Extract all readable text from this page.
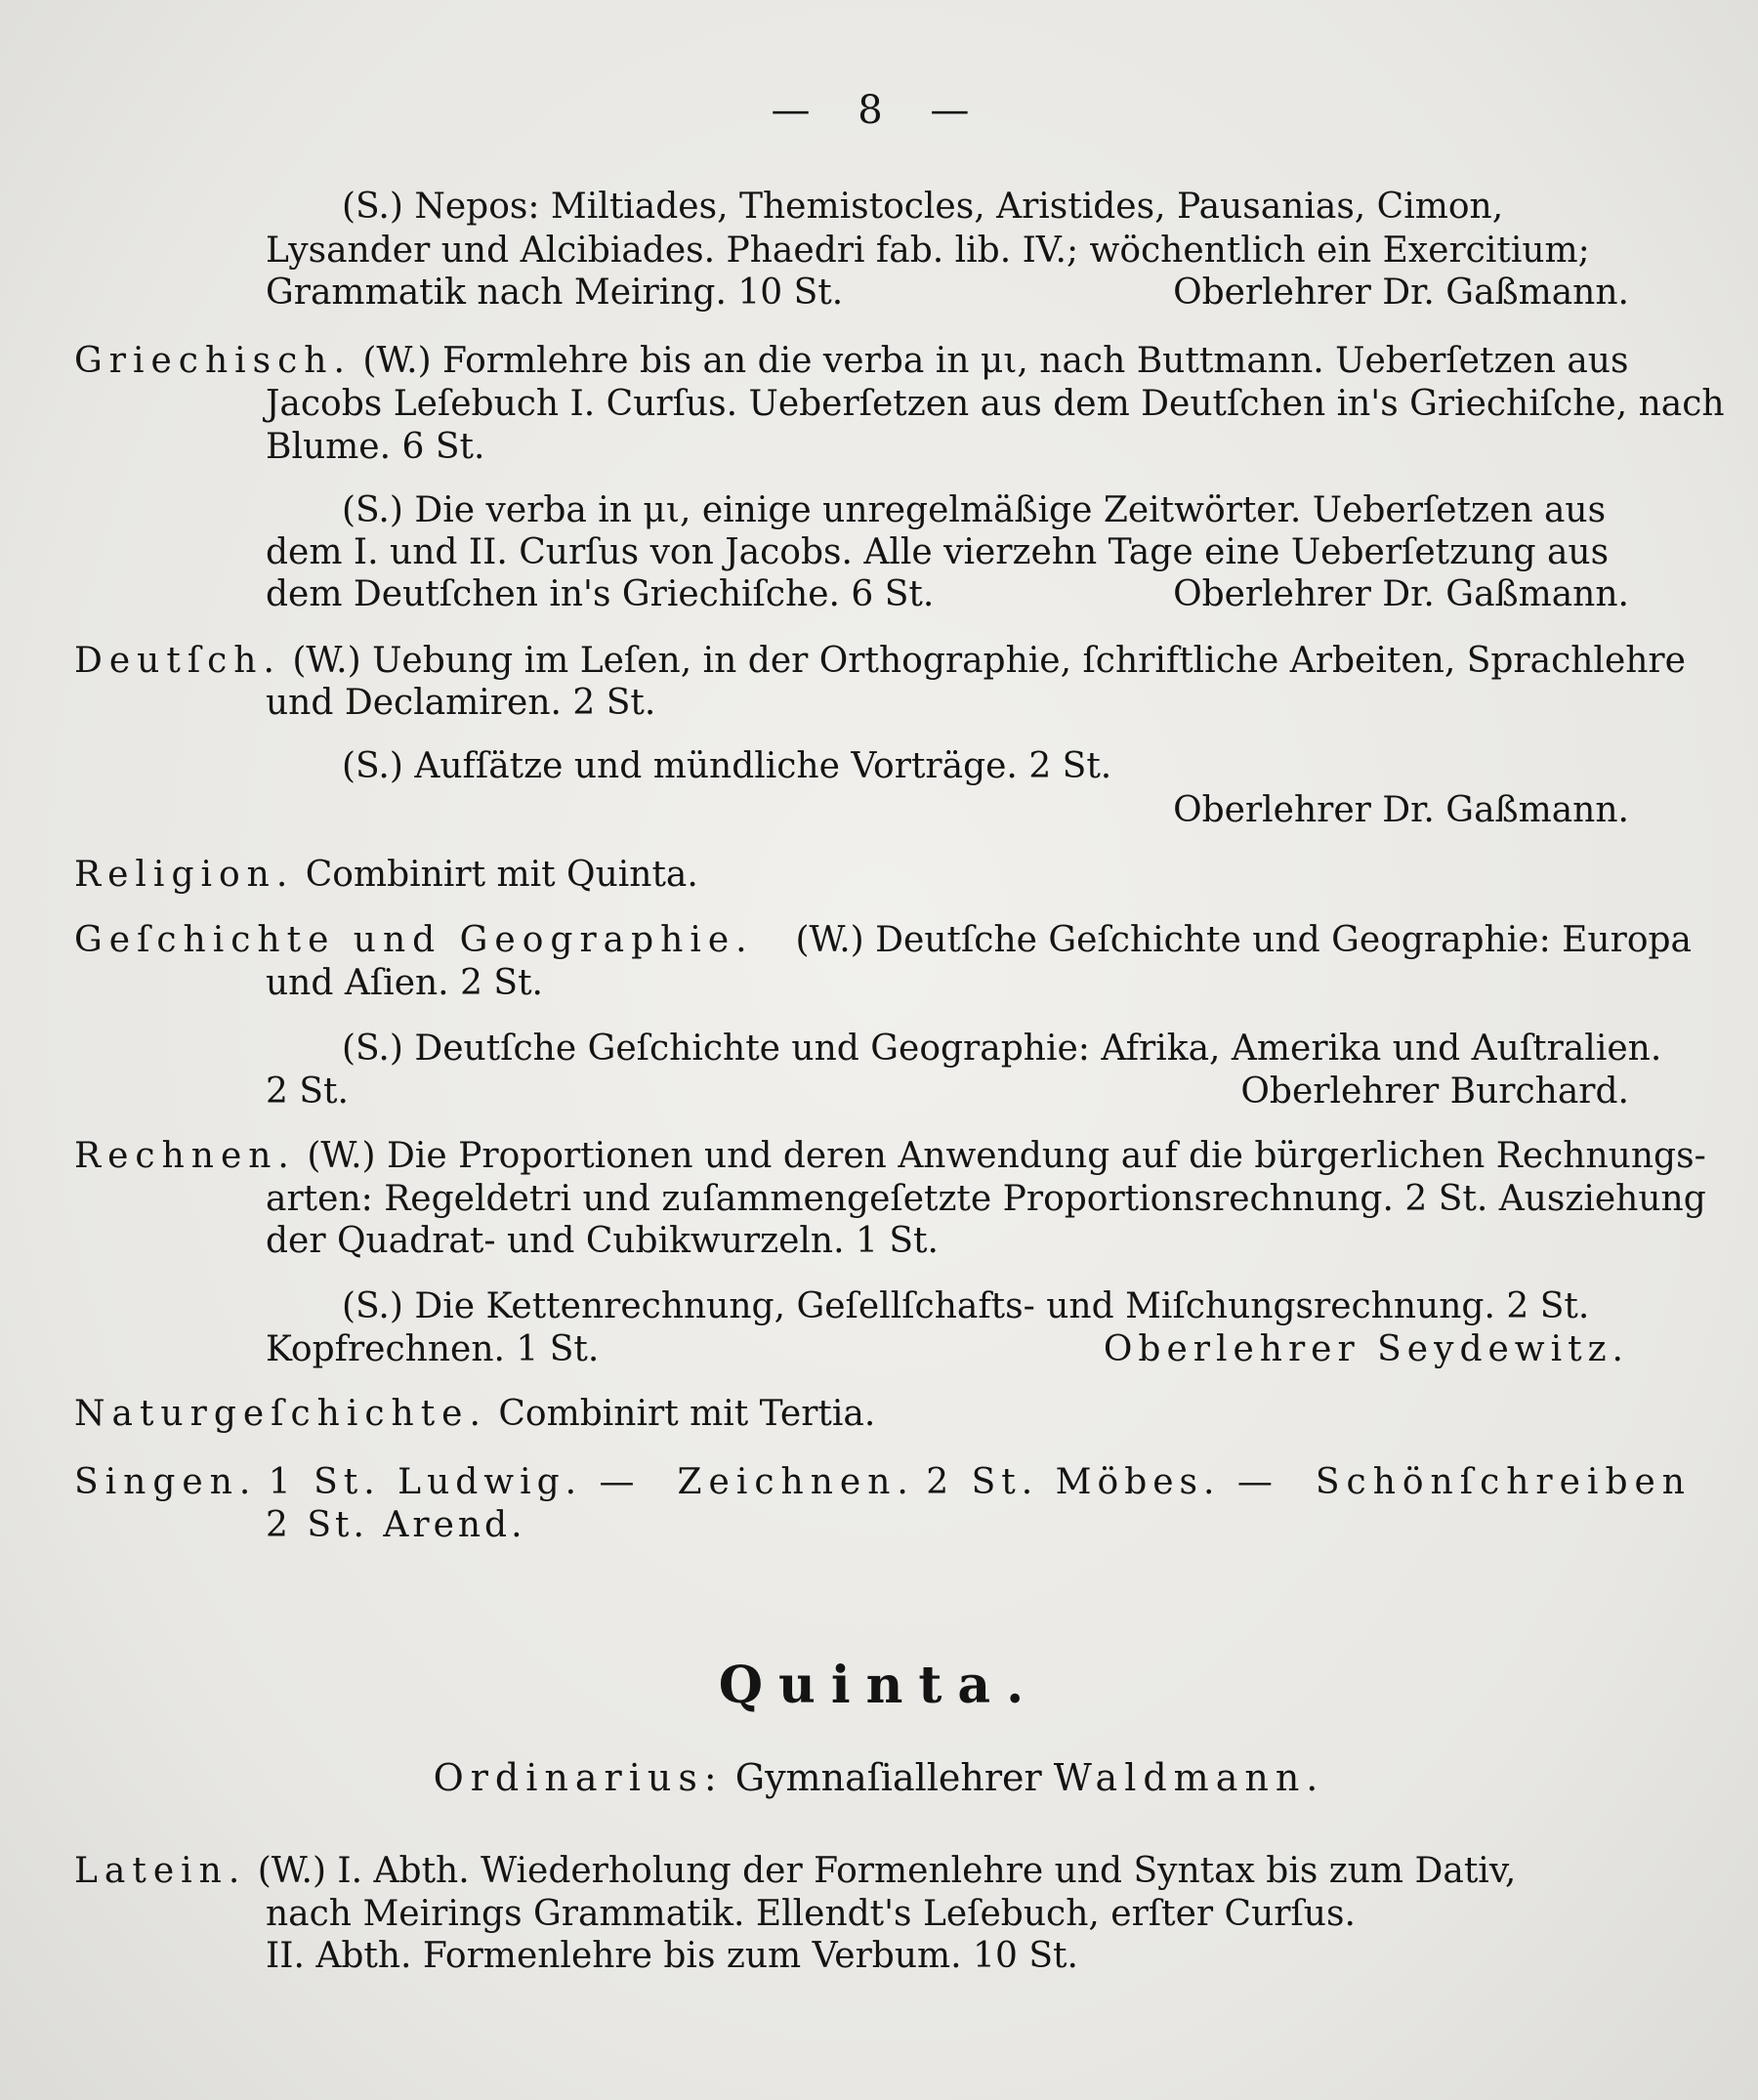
— 8 —
(S.) Nepos: Miltiades, Themistocles, Aristides, Pausanias, Cimon,
Lysander und Alcibiades. Phaedri fab. lib. IV.; wöchentlich ein Exercitium;
Grammatik nach Meiring. 10 St.	Oberlehrer Dr. Gaßmann.
Griechisch. (W.) Formlehre bis an die verba in μι, nach Buttmann. Ueberſetzen aus
Jacobs Leſebuch I. Curſus. Ueberſetzen aus dem Deutſchen in's Griechiſche, nach
Blume. 6 St.
(S.) Die verba in μι, einige unregelmäßige Zeitwörter. Ueberſetzen aus
dem I. und II. Curſus von Jacobs. Alle vierzehn Tage eine Ueberſetzung aus
dem Deutſchen in's Griechiſche. 6 St.	Oberlehrer Dr. Gaßmann.
Deutſch. (W.) Uebung im Leſen, in der Orthographie, ſchriftliche Arbeiten, Sprachlehre
und Declamiren. 2 St.
(S.) Aufſätze und mündliche Vorträge. 2 St.
Oberlehrer Dr. Gaßmann.
Religion. Combinirt mit Quinta.
Geſchichte und Geographie. (W.) Deutſche Geſchichte und Geographie: Europa
und Aſien. 2 St.
(S.) Deutſche Geſchichte und Geographie: Afrika, Amerika und Auſtralien.
2 St.	Oberlehrer Burchard.
Rechnen. (W.) Die Proportionen und deren Anwendung auf die bürgerlichen Rechnungs-
arten: Regeldetri und zuſammengeſetzte Proportionsrechnung. 2 St. Ausziehung
der Quadrat- und Cubikwurzeln. 1 St.
(S.) Die Kettenrechnung, Geſellſchafts- und Miſchungsrechnung. 2 St.
Kopfrechnen. 1 St.	Oberlehrer Seydewitz.
Naturgeſchichte. Combinirt mit Tertia.
Singen. 1 St. Ludwig. — Zeichnen. 2 St. Möbes. — Schönſchreiben
2 St. Arend.
Quinta.
Ordinarius: Gymnaſiallehrer Waldmann.
Latein. (W.) I. Abth. Wiederholung der Formenlehre und Syntax bis zum Dativ,
nach Meirings Grammatik. Ellendt's Leſebuch, erſter Curſus.
II. Abth. Formenlehre bis zum Verbum. 10 St.
